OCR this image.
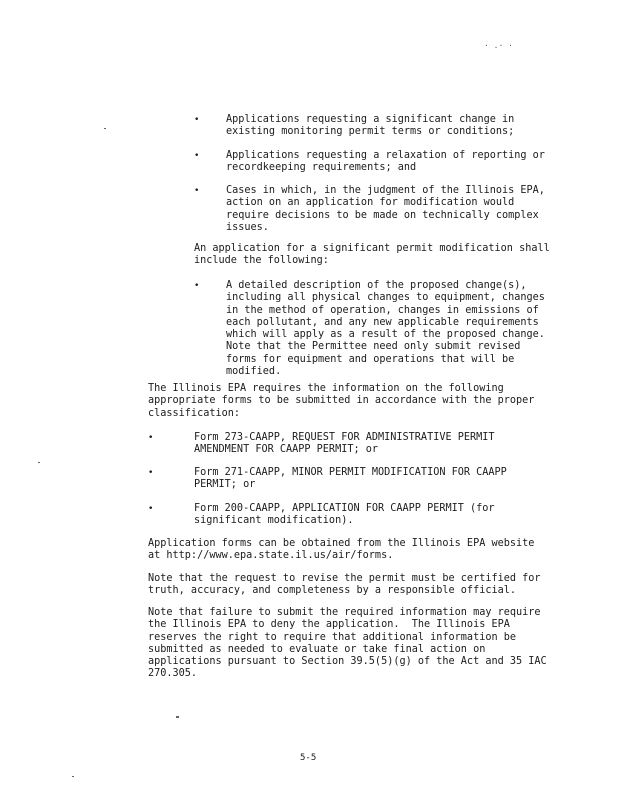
· .· ·
•	Applications requesting a significant change in
existing monitoring permit terms or conditions;
•	Applications requesting a relaxation of reporting or
recordkeeping requirements; and
•	Cases in which, in the judgment of the Illinois EPA,
action on an application for modification would
require decisions to be made on technically complex
issues.
An application for a significant permit modification shall
include the following:
•	A detailed description of the proposed change(s),
including all physical changes to equipment, changes
in the method of operation, changes in emissions of
each pollutant, and any new applicable requirements
which will apply as a result of the proposed change.
Note that the Permittee need only submit revised
forms for equipment and operations that will be
modified.
The Illinois EPA requires the information on the following
appropriate forms to be submitted in accordance with the proper
classification:
•	Form 273-CAAPP, REQUEST FOR ADMINISTRATIVE PERMIT
AMENDMENT FOR CAAPP PERMIT; or
•	Form 271-CAAPP, MINOR PERMIT MODIFICATION FOR CAAPP
PERMIT; or
•	Form 200-CAAPP, APPLICATION FOR CAAPP PERMIT (for
significant modification).
Application forms can be obtained from the Illinois EPA website
at http://www.epa.state.il.us/air/forms.
Note that the request to revise the permit must be certified for
truth, accuracy, and completeness by a responsible official.
Note that failure to submit the required information may require
the Illinois EPA to deny the application.  The Illinois EPA
reserves the right to require that additional information be
submitted as needed to evaluate or take final action on
applications pursuant to Section 39.5(5)(g) of the Act and 35 IAC
270.305.
5-5
